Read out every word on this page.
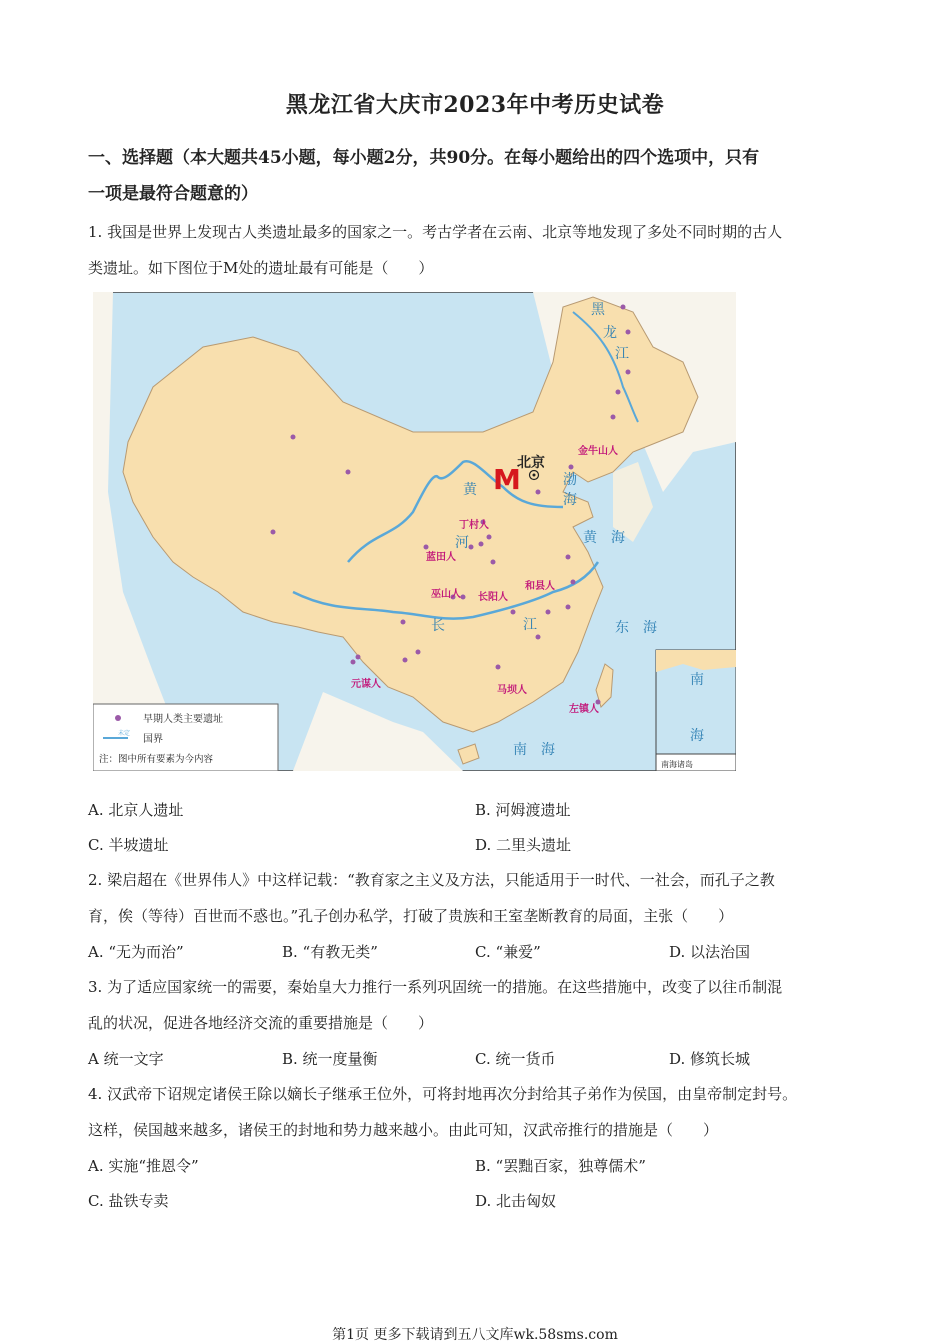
黑龙江省大庆市2023年中考历史试卷
一、选择题（本大题共45小题，每小题2分，共90分。在每小题给出的四个选项中，只有
一项是最符合题意的）
1. 我国是世界上发现古人类遗址最多的国家之一。考古学者在云南、北京等地发现了多处不同时期的古人
类遗址。如下图位于M处的遗址最有可能是（　　）
M
北京
金牛山人
丁村人
蓝田人
巫山人 长阳人
和县人
元谋人
马坝人
左镇人
黄
河
长	江
黑
龙
江
渤
海
黄　海
东　海
南　海
南
海
南海诸岛
早期人类主要遗址
未定
国界
注：图中所有要素为今内容
A. 北京人遗址	B. 河姆渡遗址
C. 半坡遗址	D. 二里头遗址
2. 梁启超在《世界伟人》中这样记载：“教育家之主义及方法，只能适用于一时代、一社会，而孔子之教
育，俟（等待）百世而不惑也。”孔子创办私学，打破了贵族和王室垄断教育的局面，主张（　　）
A. “无为而治”	B. “有教无类”	C. “兼爱”	D. 以法治国
3. 为了适应国家统一的需要，秦始皇大力推行一系列巩固统一的措施。在这些措施中，改变了以往币制混
乱的状况，促进各地经济交流的重要措施是（　　）
A 统一文字	B. 统一度量衡	C. 统一货币	D. 修筑长城
4. 汉武帝下诏规定诸侯王除以嫡长子继承王位外，可将封地再次分封给其子弟作为侯国，由皇帝制定封号。
这样，侯国越来越多，诸侯王的封地和势力越来越小。由此可知，汉武帝推行的措施是（　　）
A. 实施“推恩令”	B. “罢黜百家，独尊儒术”
C. 盐铁专卖	D. 北击匈奴
第1页 更多下载请到五八文库wk.58sms.com
